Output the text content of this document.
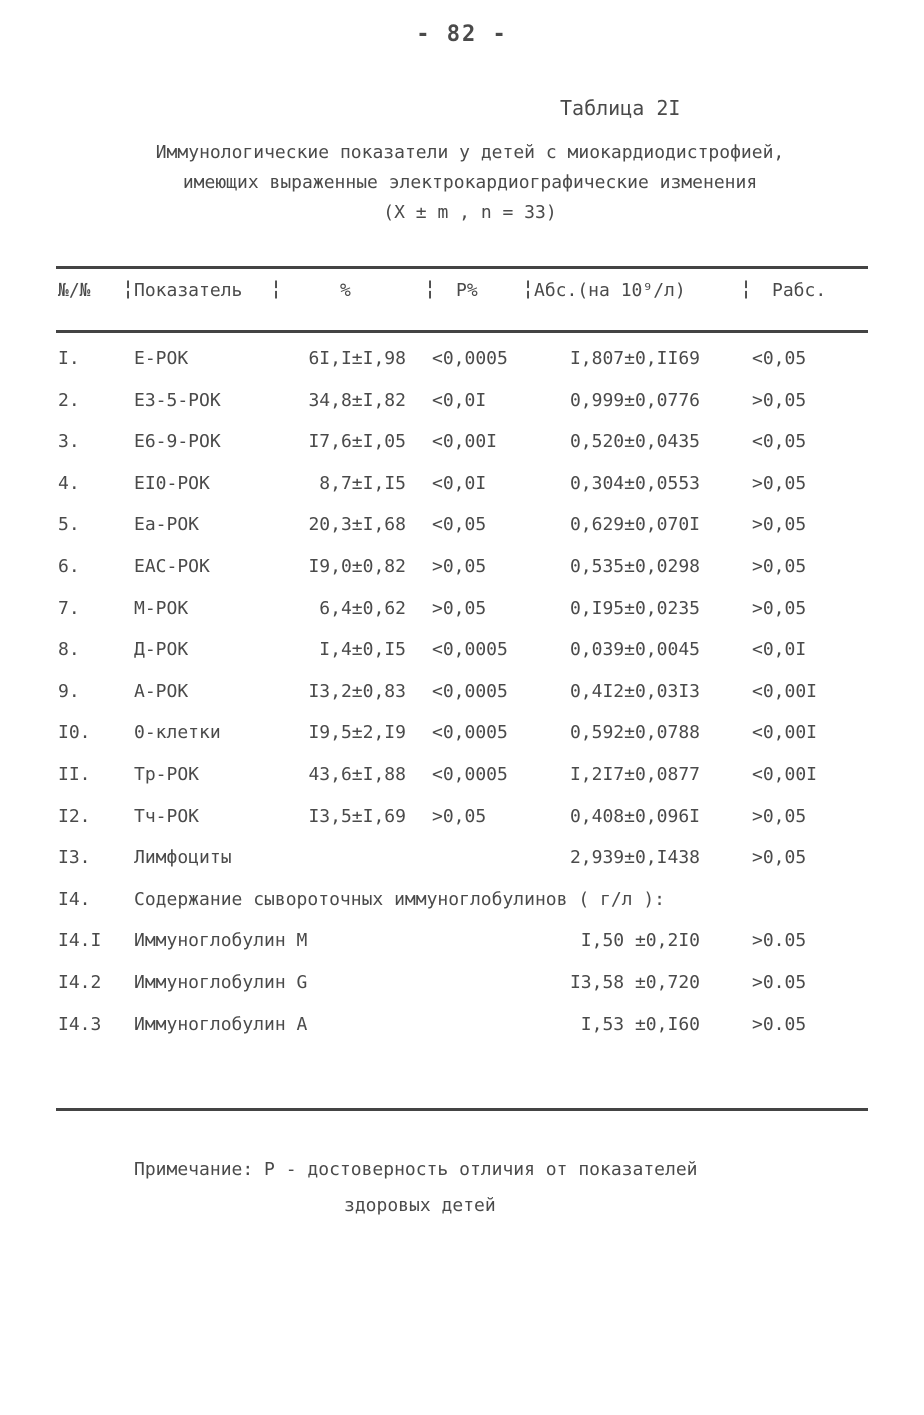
- 82 -
Таблица 2I
Иммунологические показатели у детей с миокардиодистрофией,
имеющих выраженные электрокардиографические изменения
(X ± m , n = 33)
№/№ ¦ Показатель ¦	%	¦ P% ¦ Абс.(на 10⁹/л)	¦ Pабс.
I.	E-РОК	6I,I±I,98 <0,0005	I,807±0,II69	<0,05
2.	E3-5-РОК	34,8±I,82 <0,0I	0,999±0,0776	>0,05
3.	E6-9-РОК	I7,6±I,05 <0,00I	0,520±0,0435	<0,05
4.	EI0-РОК	8,7±I,I5 <0,0I	0,304±0,0553	>0,05
5.	Eа-РОК	20,3±I,68 <0,05	0,629±0,070I	>0,05
6.	EAC-РОК	I9,0±0,82 >0,05	0,535±0,0298	>0,05
7.	M-РОК	6,4±0,62 >0,05	0,I95±0,0235	>0,05
8.	Д-РОК	I,4±0,I5 <0,0005	0,039±0,0045	<0,0I
9.	A-РОК	I3,2±0,83 <0,0005	0,4I2±0,03I3	<0,00I
I0. 0-клетки	I9,5±2,I9 <0,0005	0,592±0,0788	<0,00I
II. Tр-РОК	43,6±I,88 <0,0005	I,2I7±0,0877	<0,00I
I2. Tч-РОК	I3,5±I,69 >0,05	0,408±0,096I	>0,05
I3. Лимфоциты	2,939±0,I438	>0,05
I4. Содержание сывороточных иммуноглобулинов ( г/л ):
I4.I Иммуноглобулин M	I,50 ±0,2I0	>0.05
I4.2 Иммуноглобулин G	I3,58 ±0,720	>0.05
I4.3 Иммуноглобулин A	I,53 ±0,I60	>0.05
Примечание: P - достоверность отличия от показателей
здоровых детей
